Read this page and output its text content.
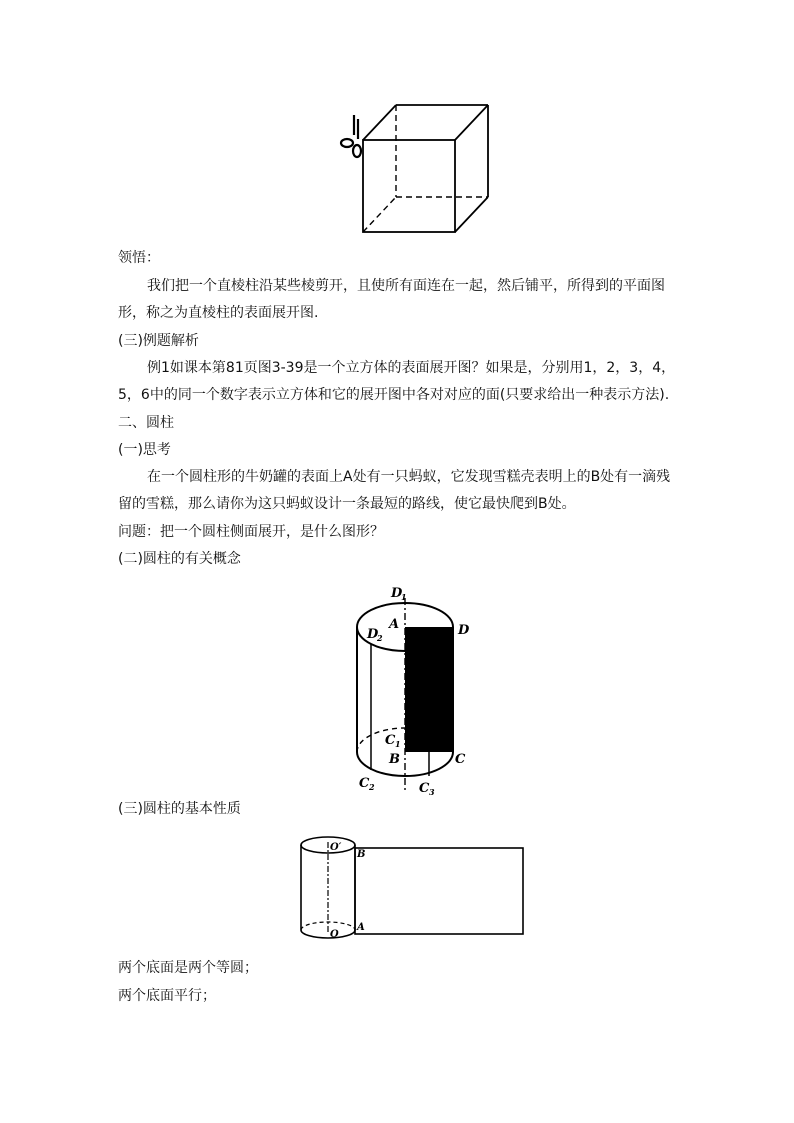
领悟：

我们把一个直棱柱沿某些棱剪开，且使所有面连在一起，然后铺平，所得到的平面图形，称之为直棱柱的表面展开图.

(三)例题解析

例1如课本第81页图3-39是一个立方体的表面展开图？如果是，分别用1，2，3，4，5，6中的同一个数字表示立方体和它的展开图中各对对应的面(只要求给出一种表示方法).

二、圆柱

(一)思考

在一个圆柱形的牛奶罐的表面上A处有一只蚂蚁，它发现雪糕壳表明上的B处有一滴残留的雪糕，那么请你为这只蚂蚁设计一条最短的路线，使它最快爬到B处。

问题：把一个圆柱侧面展开，是什么图形？

(二)圆柱的有关概念

D
1
D
2
A	D
C 1
B	C
C 2	C 3

(三)圆柱的基本性质

O′
O
B
A

两个底面是两个等圆；

两个底面平行；
